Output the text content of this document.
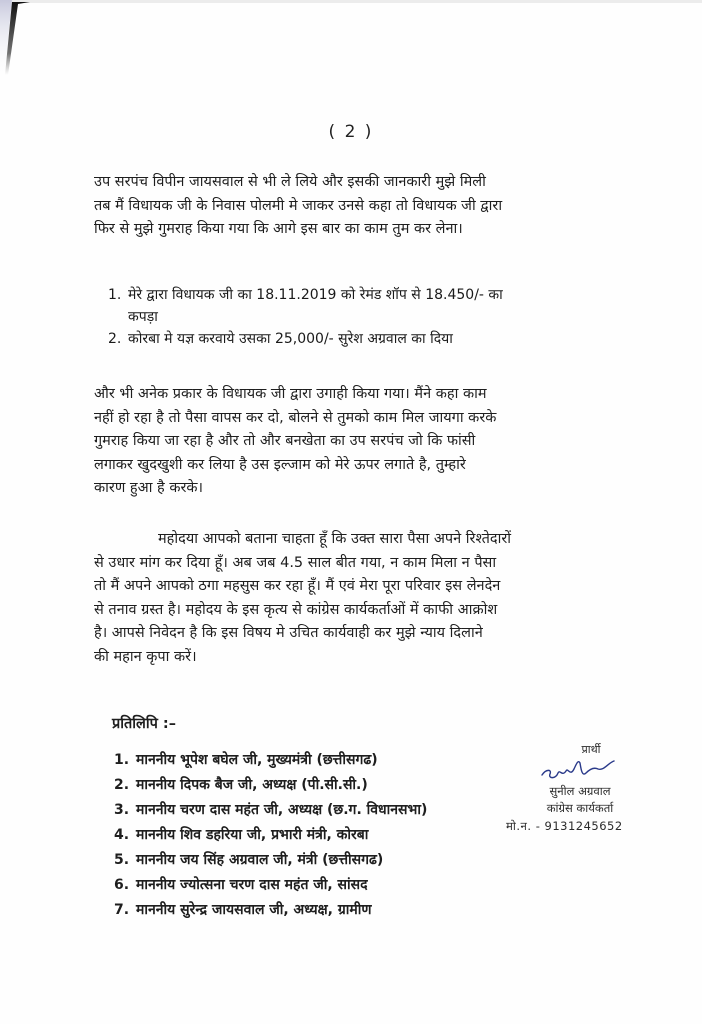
( 2 )
उप सरपंच विपीन जायसवाल से भी ले लिये और इसकी जानकारी मुझे मिली
तब मैं विधायक जी के निवास पोलमी मे जाकर उनसे कहा तो विधायक जी द्वारा
फिर से मुझे गुमराह किया गया कि आगे इस बार का काम तुम कर लेना।
1. मेरे द्वारा विधायक जी का 18.11.2019 को रेमंड शॉप से 18.450/- का
कपड़ा
2. कोरबा मे यज्ञ करवाये उसका 25,000/- सुरेश अग्रवाल का दिया
और भी अनेक प्रकार के विधायक जी द्वारा उगाही किया गया। मैंने कहा काम
नहीं हो रहा है तो पैसा वापस कर दो, बोलने से तुमको काम मिल जायगा करके
गुमराह किया जा रहा है और तो और बनखेता का उप सरपंच जो कि फांसी
लगाकर खुदखुशी कर लिया है उस इल्जाम को मेरे ऊपर लगाते है, तुम्हारे
कारण हुआ है करके।
महोदया आपको बताना चाहता हूँ कि उक्त सारा पैसा अपने रिश्तेदारों
से उधार मांग कर दिया हूँ। अब जब 4.5 साल बीत गया, न काम मिला न पैसा
तो मैं अपने आपको ठगा महसुस कर रहा हूँ। मैं एवं मेरा पूरा परिवार इस लेनदेन
से तनाव ग्रस्त है। महोदय के इस कृत्य से कांग्रेस कार्यकर्ताओं में काफी आक्रोश
है। आपसे निवेदन है कि इस विषय मे उचित कार्यवाही कर मुझे न्याय दिलाने
की महान कृपा करें।
प्रतिलिपि :–
1. माननीय भूपेश बघेल जी, मुख्यमंत्री (छत्तीसगढ)
2. माननीय दिपक बैज जी, अध्यक्ष (पी.सी.सी.)
3. माननीय चरण दास महंत जी, अध्यक्ष (छ.ग. विधानसभा)
4. माननीय शिव डहरिया जी, प्रभारी मंत्री, कोरबा
5. माननीय जय सिंह अग्रवाल जी, मंत्री (छत्तीसगढ)
6. माननीय ज्योत्सना चरण दास महंत जी, सांसद
7. माननीय सुरेन्द्र जायसवाल जी, अध्यक्ष, ग्रामीण
प्रार्थी
सुनील अग्रवाल
कांग्रेस कार्यकर्ता
मो.न. - 9131245652
